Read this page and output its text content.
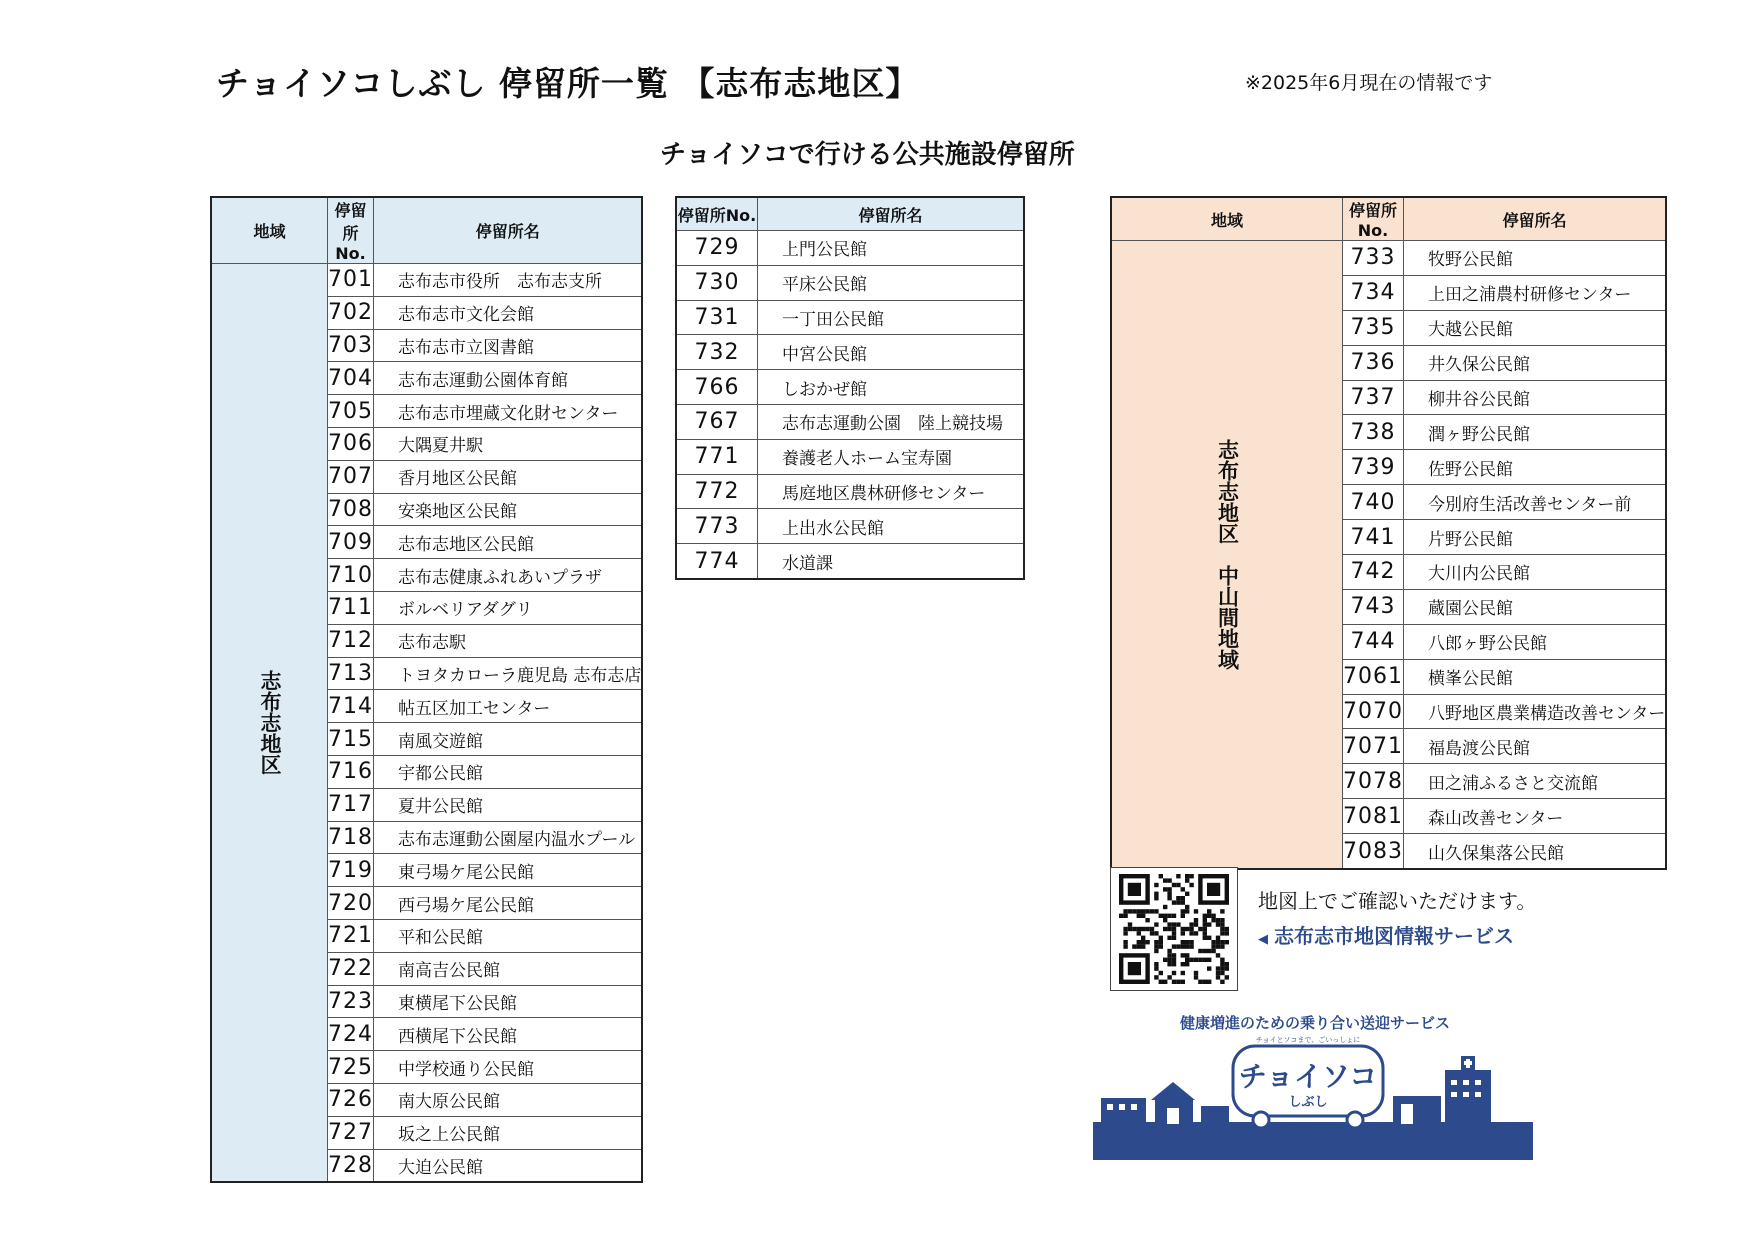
チョイソコしぶし 停留所一覧 【志布志地区】	※2025年6月現在の情報です
チョイソコで行ける公共施設停留所
地域	停留所No.	停留所名
志布志地区	701	志布志市役所　志布志支所
	702	志布志市文化会館
	703	志布志市立図書館
	704	志布志運動公園体育館
	705	志布志市埋蔵文化財センター
	706	大隅夏井駅
	707	香月地区公民館
	708	安楽地区公民館
	709	志布志地区公民館
	710	志布志健康ふれあいプラザ
	711	ボルベリアダグリ
	712	志布志駅
	713	トヨタカローラ鹿児島 志布志店
	714	帖五区加工センター
	715	南風交遊館
	716	宇都公民館
	717	夏井公民館
	718	志布志運動公園屋内温水プール
	719	東弓場ケ尾公民館
	720	西弓場ケ尾公民館
	721	平和公民館
	722	南高吉公民館
	723	東横尾下公民館
	724	西横尾下公民館
	725	中学校通り公民館
	726	南大原公民館
	727	坂之上公民館
	728	大迫公民館
停留所No.	停留所名
729	上門公民館
730	平床公民館
731	一丁田公民館
732	中宮公民館
766	しおかぜ館
767	志布志運動公園　陸上競技場
771	養護老人ホーム宝寿園
772	馬庭地区農林研修センター
773	上出水公民館
774	水道課
地域	停留所No.	停留所名
志布志地区　中山間地域	733	牧野公民館
	734	上田之浦農村研修センター
	735	大越公民館
	736	井久保公民館
	737	柳井谷公民館
	738	潤ヶ野公民館
	739	佐野公民館
	740	今別府生活改善センター前
	741	片野公民館
	742	大川内公民館
	743	蔵園公民館
	744	八郎ヶ野公民館
	7061	横峯公民館
	7070	八野地区農業構造改善センター
	7071	福島渡公民館
	7078	田之浦ふるさと交流館
	7081	森山改善センター
	7083	山久保集落公民館
地図上でご確認いただけます。
◀ 志布志市地図情報サービス
健康増進のための乗り合い送迎サービス
チョイとソコまで、ごいっしょに
チョイソコ
しぶし
